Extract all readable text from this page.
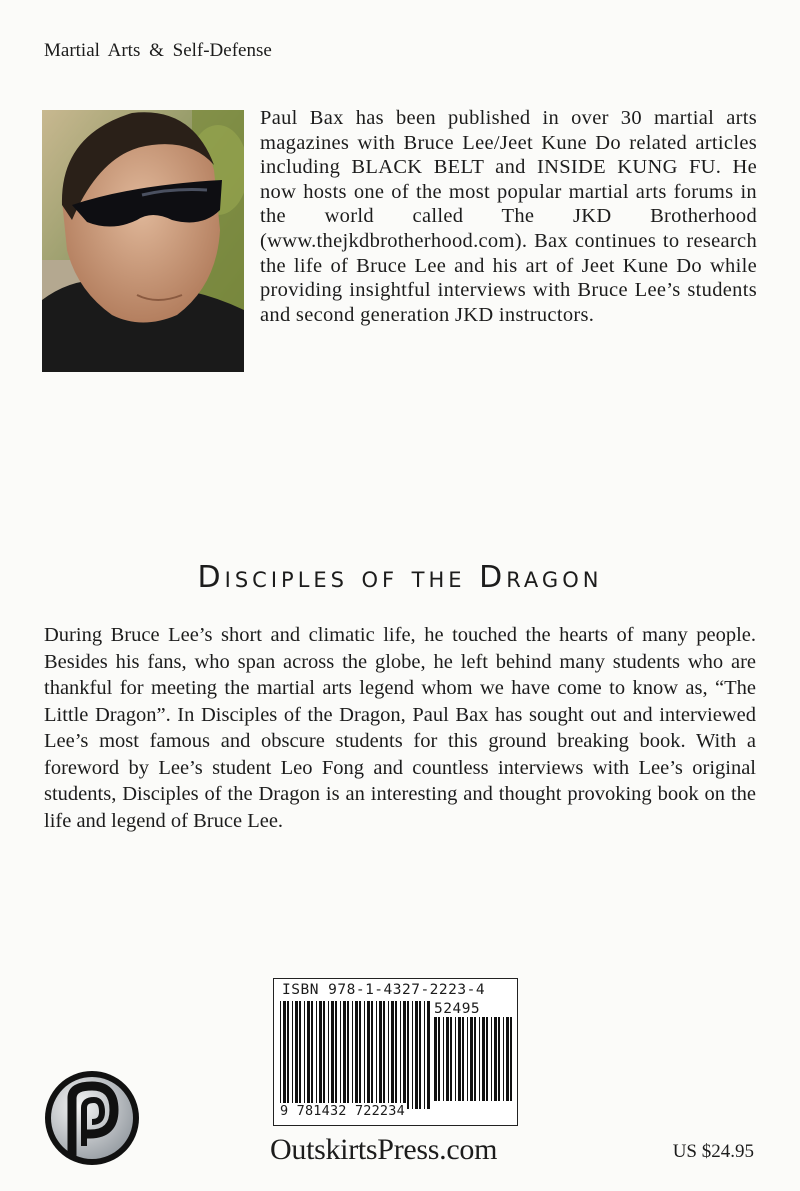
Martial Arts & Self-Defense
Paul Bax has been published in over 30 martial arts magazines with Bruce Lee/Jeet Kune Do related articles including BLACK BELT and INSIDE KUNG FU. He now hosts one of the most popular martial arts forums in the world called The JKD Brotherhood (www.thejkdbrotherhood.com). Bax continues to research the life of Bruce Lee and his art of Jeet Kune Do while providing insightful interviews with Bruce Lee’s students and second generation JKD instructors.
Disciples of the Dragon
During Bruce Lee’s short and climatic life, he touched the hearts of many people. Besides his fans, who span across the globe, he left behind many students who are thankful for meeting the martial arts legend whom we have come to know as, “The Little Dragon”. In Disciples of the Dragon, Paul Bax has sought out and interviewed Lee’s most famous and obscure students for this ground breaking book. With a foreword by Lee’s student Leo Fong and countless interviews with Lee’s original students, Disciples of the Dragon is an interesting and thought provoking book on the life and legend of Bruce Lee.
ISBN 978-1-4327-2223-4
52495
9 781432 722234
OutskirtsPress.com	US $24.95
